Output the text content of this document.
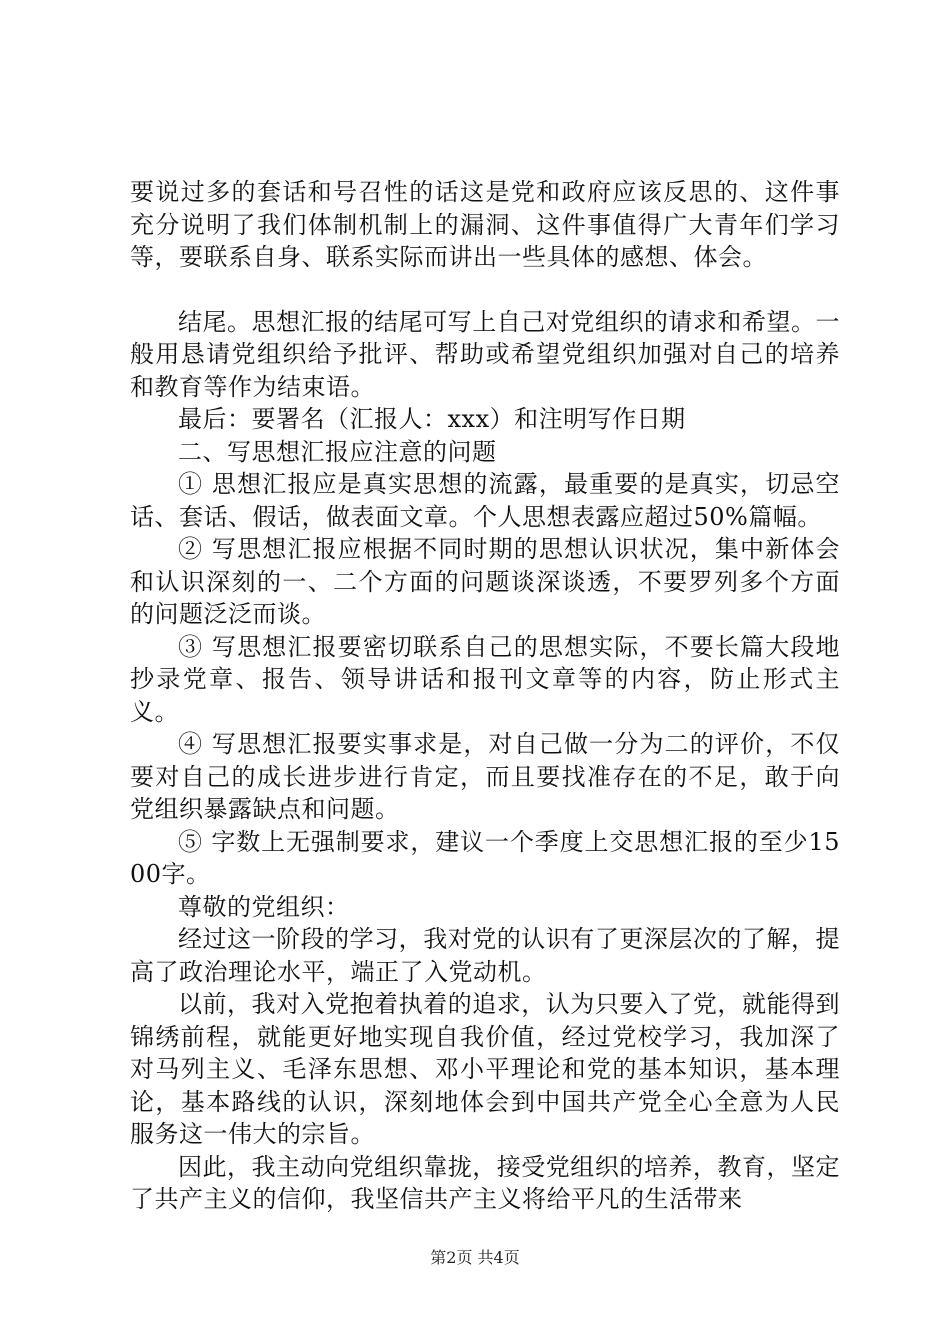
要说过多的套话和号召性的话这是党和政府应该反思的、这件事充分说明了我们体制机制上的漏洞、这件事值得广大青年们学习等，要联系自身、联系实际而讲出一些具体的感想、体会。

结尾。思想汇报的结尾可写上自己对党组织的请求和希望。一般用恳请党组织给予批评、帮助或希望党组织加强对自己的培养和教育等作为结束语。

最后：要署名（汇报人：xxx）和注明写作日期

二、写思想汇报应注意的问题

① 思想汇报应是真实思想的流露，最重要的是真实，切忌空话、套话、假话，做表面文章。个人思想表露应超过50%篇幅。

② 写思想汇报应根据不同时期的思想认识状况，集中新体会和认识深刻的一、二个方面的问题谈深谈透，不要罗列多个方面的问题泛泛而谈。

③ 写思想汇报要密切联系自己的思想实际，不要长篇大段地抄录党章、报告、领导讲话和报刊文章等的内容，防止形式主义。

④ 写思想汇报要实事求是，对自己做一分为二的评价，不仅要对自己的成长进步进行肯定，而且要找准存在的不足，敢于向党组织暴露缺点和问题。

⑤ 字数上无强制要求，建议一个季度上交思想汇报的至少1500字。

尊敬的党组织：

经过这一阶段的学习，我对党的认识有了更深层次的了解，提高了政治理论水平，端正了入党动机。

以前，我对入党抱着执着的追求，认为只要入了党，就能得到锦绣前程，就能更好地实现自我价值，经过党校学习，我加深了对马列主义、毛泽东思想、邓小平理论和党的基本知识，基本理论，基本路线的认识，深刻地体会到中国共产党全心全意为人民服务这一伟大的宗旨。

因此，我主动向党组织靠拢，接受党组织的培养，教育，坚定了共产主义的信仰，我坚信共产主义将给平凡的生活带来

第2页 共4页
